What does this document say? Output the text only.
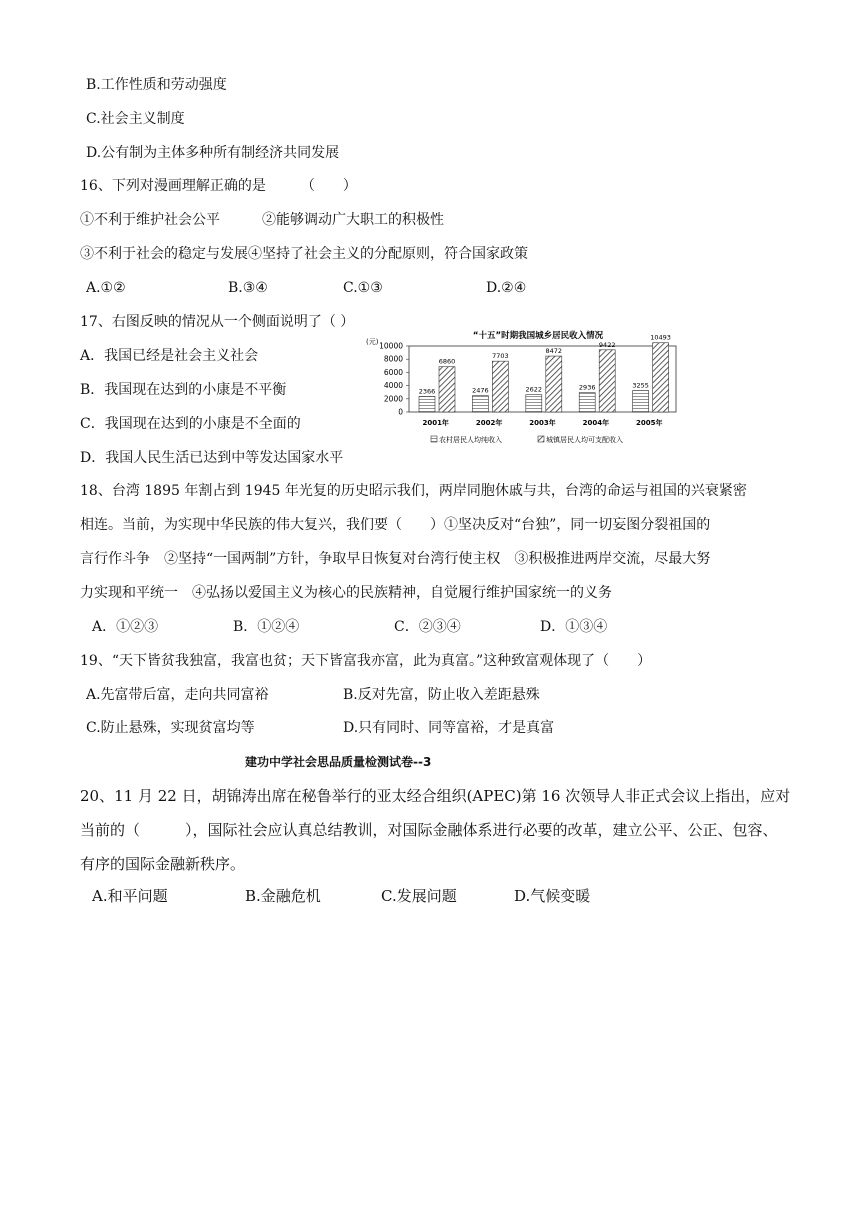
B.工作性质和劳动强度
C.社会主义制度
D.公有制为主体多种所有制经济共同发展
16、下列对漫画理解正确的是　　　（　　）
①不利于维护社会公平　　　②能够调动广大职工的积极性
③不利于社会的稳定与发展④坚持了社会主义的分配原则，符合国家政策
A.①②	B.③④	C.①③	D.②④
17、右图反映的情况从一个侧面说明了（ ）
A．我国已经是社会主义社会
B．我国现在达到的小康是不平衡
C．我国现在达到的小康是不全面的
D．我国人民生活已达到中等发达国家水平
“十五”时期我国城乡居民收入情况
(元) 10000
8000
6000
4000
2000
0
2366
6860
2476
7703
2622
8472
2936
9422
3255
10493
2001年	2002年	2003年	2004年	2005年
农村居民人均纯收入	城镇居民人均可支配收入
18、台湾 1895 年割占到 1945 年光复的历史昭示我们，两岸同胞休戚与共，台湾的命运与祖国的兴衰紧密
相连。当前，为实现中华民族的伟大复兴，我们要（　　）①坚决反对“台独”，同一切妄图分裂祖国的
言行作斗争　②坚持“一国两制”方针，争取早日恢复对台湾行使主权　③积极推进两岸交流，尽最大努
力实现和平统一　④弘扬以爱国主义为核心的民族精神，自觉履行维护国家统一的义务
A．①②③	B．①②④	C．②③④	D．①③④
19、“天下皆贫我独富，我富也贫；天下皆富我亦富，此为真富。”这种致富观体现了（　　）
A.先富带后富，走向共同富裕	B.反对先富，防止收入差距悬殊
C.防止悬殊，实现贫富均等	D.只有同时、同等富裕，才是真富
建功中学社会思品质量检测试卷--3
20、11 月 22 日，胡锦涛出席在秘鲁举行的亚太经合组织(APEC)第 16 次领导人非正式会议上指出，应对
当前的（　　　），国际社会应认真总结教训，对国际金融体系进行必要的改革，建立公平、公正、包容、
有序的国际金融新秩序。
A.和平问题	B.金融危机	C.发展问题	D.气候变暖
